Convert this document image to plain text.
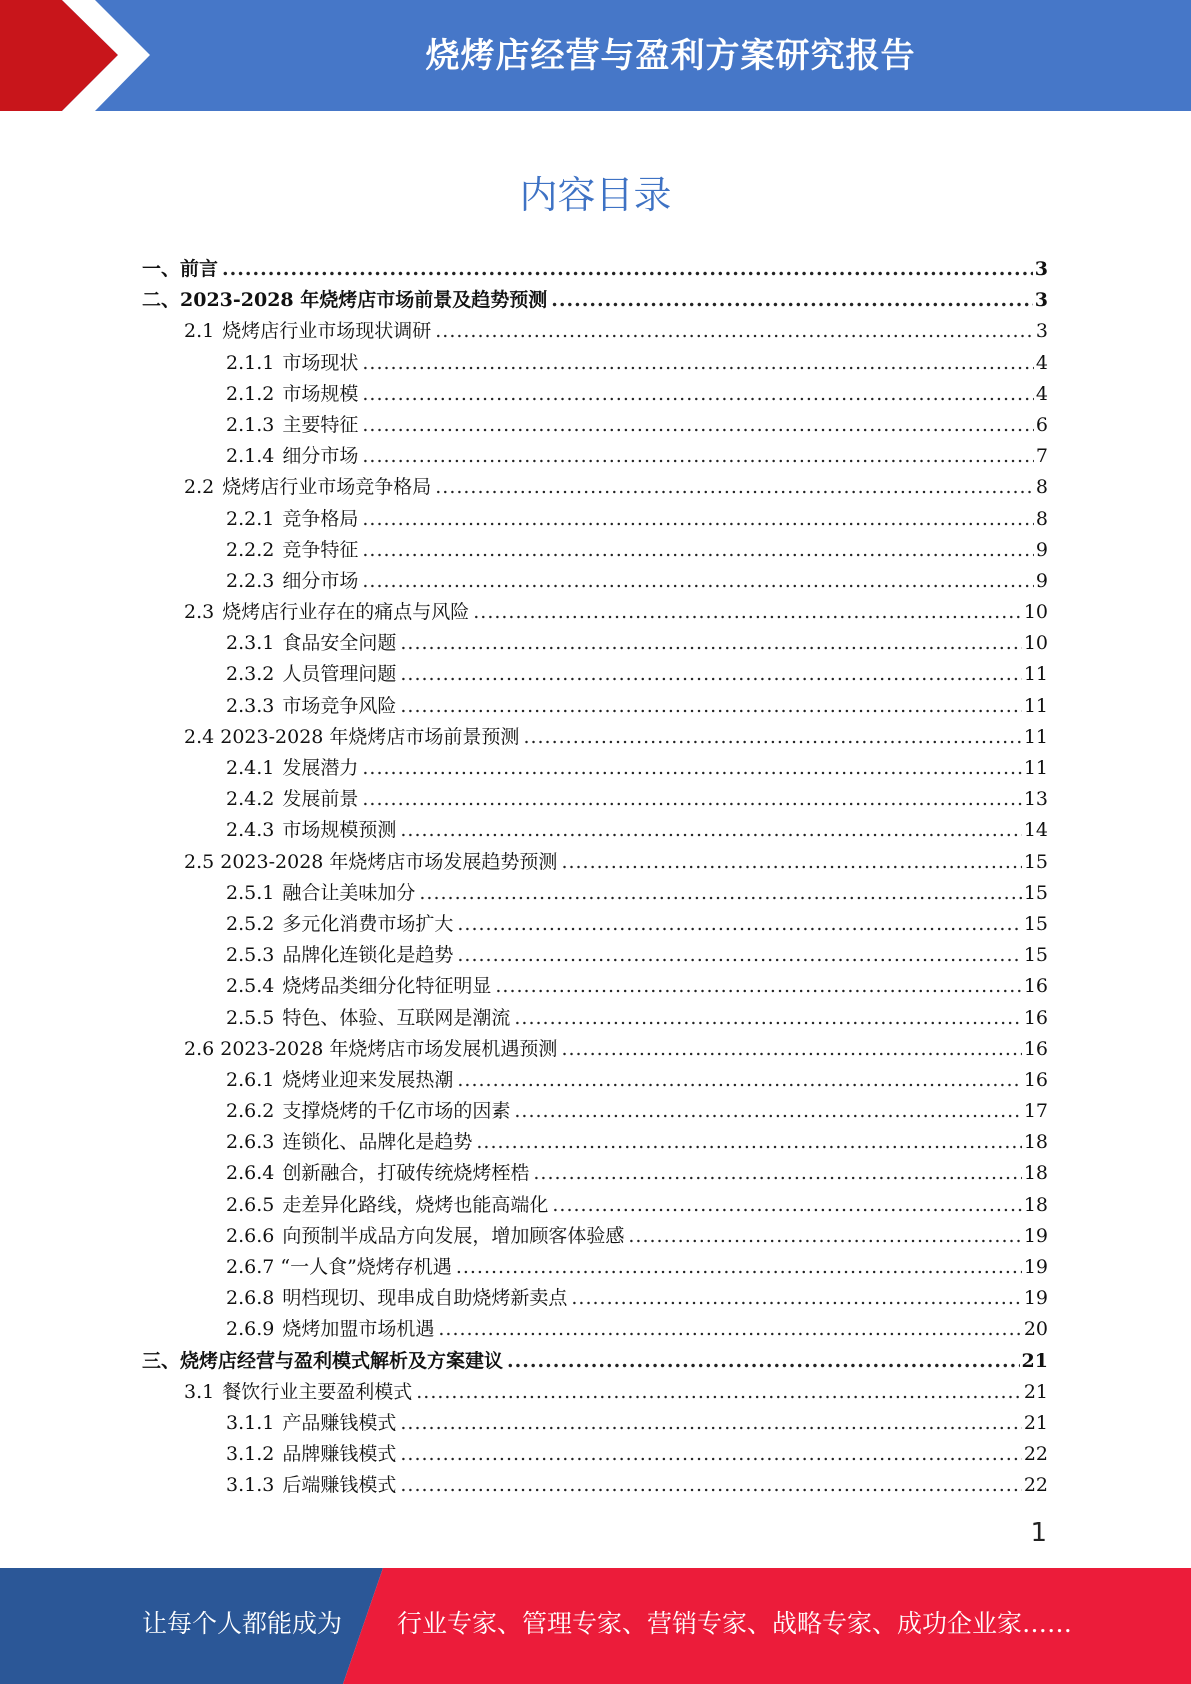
烧烤店经营与盈利方案研究报告
内容目录
一、前言 .....	3
二、2023-2028 年烧烤店市场前景及趋势预测 .....	3
2.1 烧烤店行业市场现状调研 .....	3
2.1.1 市场现状 .....	4
2.1.2 市场规模 .....	4
2.1.3 主要特征 .....	6
2.1.4 细分市场 .....	7
2.2 烧烤店行业市场竞争格局 .....	8
2.2.1 竞争格局 .....	8
2.2.2 竞争特征 .....	9
2.2.3 细分市场 .....	9
2.3 烧烤店行业存在的痛点与风险 .....	10
2.3.1 食品安全问题 .....	10
2.3.2 人员管理问题 .....	11
2.3.3 市场竞争风险 .....	11
2.4 2023-2028 年烧烤店市场前景预测 .....	11
2.4.1 发展潜力 .....	11
2.4.2 发展前景 .....	13
2.4.3 市场规模预测 .....	14
2.5 2023-2028 年烧烤店市场发展趋势预测 .....	15
2.5.1 融合让美味加分 .....	15
2.5.2 多元化消费市场扩大 .....	15
2.5.3 品牌化连锁化是趋势 .....	15
2.5.4 烧烤品类细分化特征明显 .....	16
2.5.5 特色、体验、互联网是潮流 .....	16
2.6 2023-2028 年烧烤店市场发展机遇预测 .....	16
2.6.1 烧烤业迎来发展热潮 .....	16
2.6.2 支撑烧烤的千亿市场的因素 .....	17
2.6.3 连锁化、品牌化是趋势 .....	18
2.6.4 创新融合，打破传统烧烤桎梏 .....	18
2.6.5 走差异化路线，烧烤也能高端化 .....	18
2.6.6 向预制半成品方向发展，增加顾客体验感 .....	19
2.6.7 “一人食”烧烤存机遇 .....	19
2.6.8 明档现切、现串成自助烧烤新卖点 .....	19
2.6.9 烧烤加盟市场机遇 .....	20
三、烧烤店经营与盈利模式解析及方案建议 .....	21
3.1 餐饮行业主要盈利模式 .....	21
3.1.1 产品赚钱模式 .....	21
3.1.2 品牌赚钱模式 .....	22
3.1.3 后端赚钱模式 .....	22
1
让每个人都能成为 行业专家、管理专家、营销专家、战略专家、成功企业家……
